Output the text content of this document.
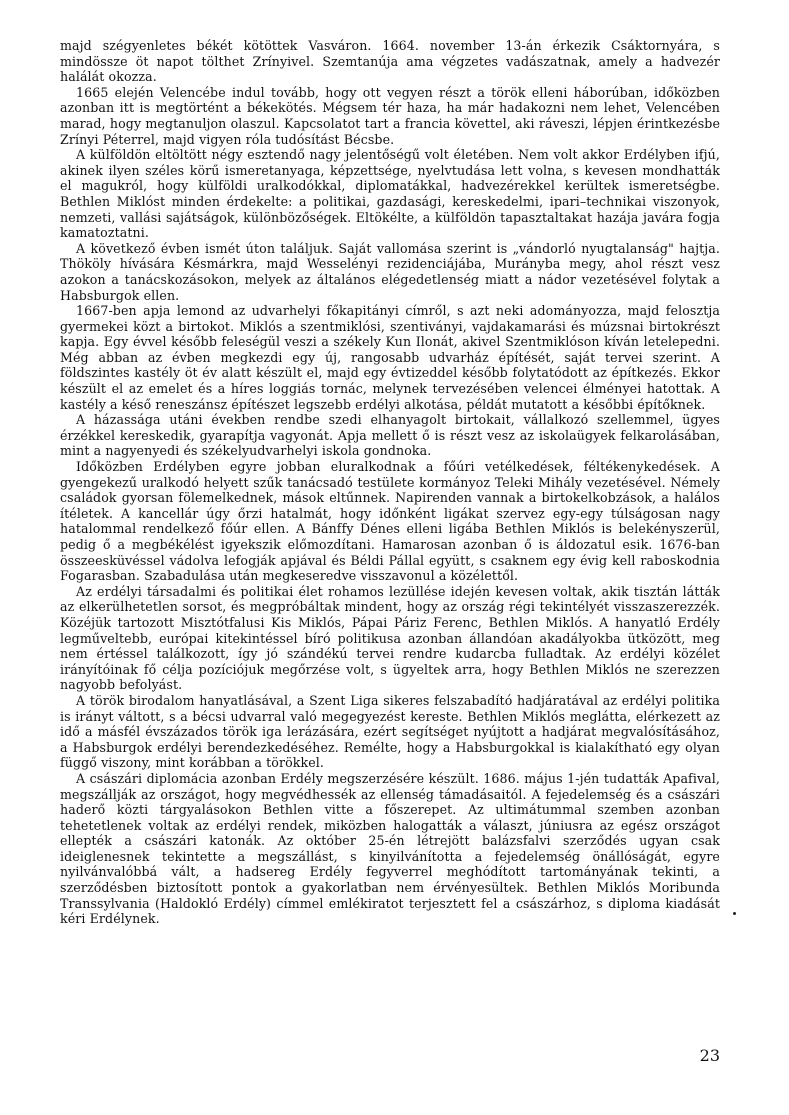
majd szégyenletes békét kötöttek Vasváron. 1664. november 13-án érkezik Csáktornyára, s mindössze öt napot tölthet Zrínyivel. Szemtanúja ama végzetes vadászatnak, amely a hadvezér halálát okozza.

1665 elején Velencébe indul tovább, hogy ott vegyen részt a török elleni háborúban, időközben azonban itt is megtörtént a békekötés. Mégsem tér haza, ha már hadakozni nem lehet, Velencében marad, hogy megtanuljon olaszul. Kapcsolatot tart a francia követtel, aki ráveszi, lépjen érintkezésbe Zrínyi Péterrel, majd vigyen róla tudósítást Bécsbe.

A külföldön eltöltött négy esztendő nagy jelentőségű volt életében. Nem volt akkor Erdélyben ifjú, akinek ilyen széles körű ismeretanyaga, képzettsége, nyelvtudása lett volna, s kevesen mondhatták el magukról, hogy külföldi uralkodókkal, diplomatákkal, hadvezérekkel kerültek ismeretségbe. Bethlen Miklóst minden érdekelte: a politikai, gazdasági, kereskedelmi, ipari–technikai viszonyok, nemzeti, vallási sajátságok, különbözőségek. Eltökélte, a külföldön tapasztaltakat hazája javára fogja kamatoztatni.

A következő évben ismét úton találjuk. Saját vallomása szerint is „vándorló nyugtalanság" hajtja. Thököly hívására Késmárkra, majd Wesselényi rezidenciájába, Murányba megy, ahol részt vesz azokon a tanácskozásokon, melyek az általános elégedetlenség miatt a nádor vezetésével folytak a Habsburgok ellen.

1667-ben apja lemond az udvarhelyi főkapitányi címről, s azt neki adományozza, majd felosztja gyermekei közt a birtokot. Miklós a szentmiklósi, szentiványi, vajdakamarási és múzsnai birtokrészt kapja. Egy évvel később feleségül veszi a székely Kun Ilonát, akivel Szentmiklóson kíván letelepedni. Még abban az évben megkezdi egy új, rangosabb udvarház építését, saját tervei szerint. A földszintes kastély öt év alatt készült el, majd egy évtizeddel később folytatódott az építkezés. Ekkor készült el az emelet és a híres loggiás tornác, melynek tervezésében velencei élményei hatottak. A kastély a késő reneszánsz építészet legszebb erdélyi alkotása, példát mutatott a későbbi építőknek.

A házassága utáni években rendbe szedi elhanyagolt birtokait, vállalkozó szellemmel, ügyes érzékkel kereskedik, gyarapítja vagyonát. Apja mellett ő is részt vesz az iskolaügyek felkarolásában, mint a nagyenyedi és székelyudvarhelyi iskola gondnoka.

Időközben Erdélyben egyre jobban eluralkodnak a főúri vetélkedések, féltékenykedések. A gyengekezű uralkodó helyett szűk tanácsadó testülete kormányoz Teleki Mihály vezetésével. Némely családok gyorsan fölemelkednek, mások eltűnnek. Napirenden vannak a birtokelkobzások, a halálos ítéletek. A kancellár úgy őrzi hatalmát, hogy időnként ligákat szervez egy-egy túlságosan nagy hatalommal rendelkező főúr ellen. A Bánffy Dénes elleni ligába Bethlen Miklós is belekényszerül, pedig ő a megbékélést igyekszik előmozdítani. Hamarosan azonban ő is áldozatul esik. 1676-ban összeesküvéssel vádolva lefogják apjával és Béldi Pállal együtt, s csaknem egy évig kell raboskodnia Fogarasban. Szabadulása után megkeseredve visszavonul a közélettől.

Az erdélyi társadalmi és politikai élet rohamos lezüllése idején kevesen voltak, akik tisztán látták az elkerülhetetlen sorsot, és megpróbáltak mindent, hogy az ország régi tekintélyét visszaszerezzék. Közéjük tartozott Misztótfalusi Kis Miklós, Pápai Páriz Ferenc, Bethlen Miklós. A hanyatló Erdély legműveltebb, európai kitekintéssel bíró politikusa azonban állandóan akadályokba ütközött, meg nem értéssel találkozott, így jó szándékú tervei rendre kudarcba fulladtak. Az erdélyi közélet irányítóinak fő célja pozíciójuk megőrzése volt, s ügyeltek arra, hogy Bethlen Miklós ne szerezzen nagyobb befolyást.

A török birodalom hanyatlásával, a Szent Liga sikeres felszabadító hadjáratával az erdélyi politika is irányt váltott, s a bécsi udvarral való megegyezést kereste. Bethlen Miklós meglátta, elérkezett az idő a másfél évszázados török iga lerázására, ezért segítséget nyújtott a hadjárat megvalósításához, a Habsburgok erdélyi berendezkedéséhez. Remélte, hogy a Habsburgokkal is kialakítható egy olyan függő viszony, mint korábban a törökkel.

A császári diplomácia azonban Erdély megszerzésére készült. 1686. május 1-jén tudatták Apafival, megszállják az országot, hogy megvédhessék az ellenség támadásaitól. A fejedelemség és a császári haderő közti tárgyalásokon Bethlen vitte a főszerepet. Az ultimátummal szemben azonban tehetetlenek voltak az erdélyi rendek, miközben halogatták a választ, júniusra az egész országot ellepték a császári katonák. Az október 25-én létrejött balázsfalvi szerződés ugyan csak ideiglenesnek tekintette a megszállást, s kinyilvánította a fejedelemség önállóságát, egyre nyilvánvalóbbá vált, a hadsereg Erdély fegyverrel meghódított tartományának tekinti, a szerződésben biztosított pontok a gyakorlatban nem érvényesültek. Bethlen Miklós Moribunda Transsylvania (Haldokló Erdély) címmel emlékiratot terjesztett fel a császárhoz, s diploma kiadását kéri Erdélynek.

23
